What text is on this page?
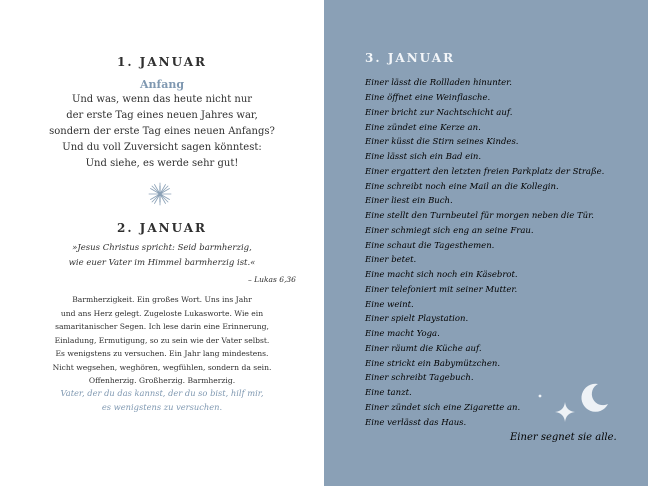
1. JANUAR
Anfang
Und was, wenn das heute nicht nur
der erste Tag eines neuen Jahres war,
sondern der erste Tag eines neuen Anfangs?
Und du voll Zuversicht sagen könntest:
Und siehe, es werde sehr gut!
2. JANUAR
»Jesus Christus spricht: Seid barmherzig,
wie euer Vater im Himmel barmherzig ist.«
– Lukas 6,36
Barmherzigkeit. Ein großes Wort. Uns ins Jahr
und ans Herz gelegt. Zugeloste Lukasworte. Wie ein
samaritanischer Segen. Ich lese darin eine Erinnerung,
Einladung, Ermutigung, so zu sein wie der Vater selbst.
Es wenigstens zu versuchen. Ein Jahr lang mindestens.
Nicht wegsehen, weghören, wegfühlen, sondern da sein.
Offenherzig. Großherzig. Barmherzig.
Vater, der du das kannst, der du so bist, hilf mir,
es wenigstens zu versuchen.
3. JANUAR
Einer lässt die Rollladen hinunter.
Eine öffnet eine Weinflasche.
Einer bricht zur Nachtschicht auf.
Eine zündet eine Kerze an.
Einer küsst die Stirn seines Kindes.
Eine lässt sich ein Bad ein.
Einer ergattert den letzten freien Parkplatz der Straße.
Eine schreibt noch eine Mail an die Kollegin.
Einer liest ein Buch.
Eine stellt den Turnbeutel für morgen neben die Tür.
Einer schmiegt sich eng an seine Frau.
Eine schaut die Tagesthemen.
Einer betet.
Eine macht sich noch ein Käsebrot.
Einer telefoniert mit seiner Mutter.
Eine weint.
Einer spielt Playstation.
Eine macht Yoga.
Einer räumt die Küche auf.
Eine strickt ein Babymützchen.
Einer schreibt Tagebuch.
Eine tanzt.
Einer zündet sich eine Zigarette an.
Eine verlässt das Haus.
Einer segnet sie alle.
